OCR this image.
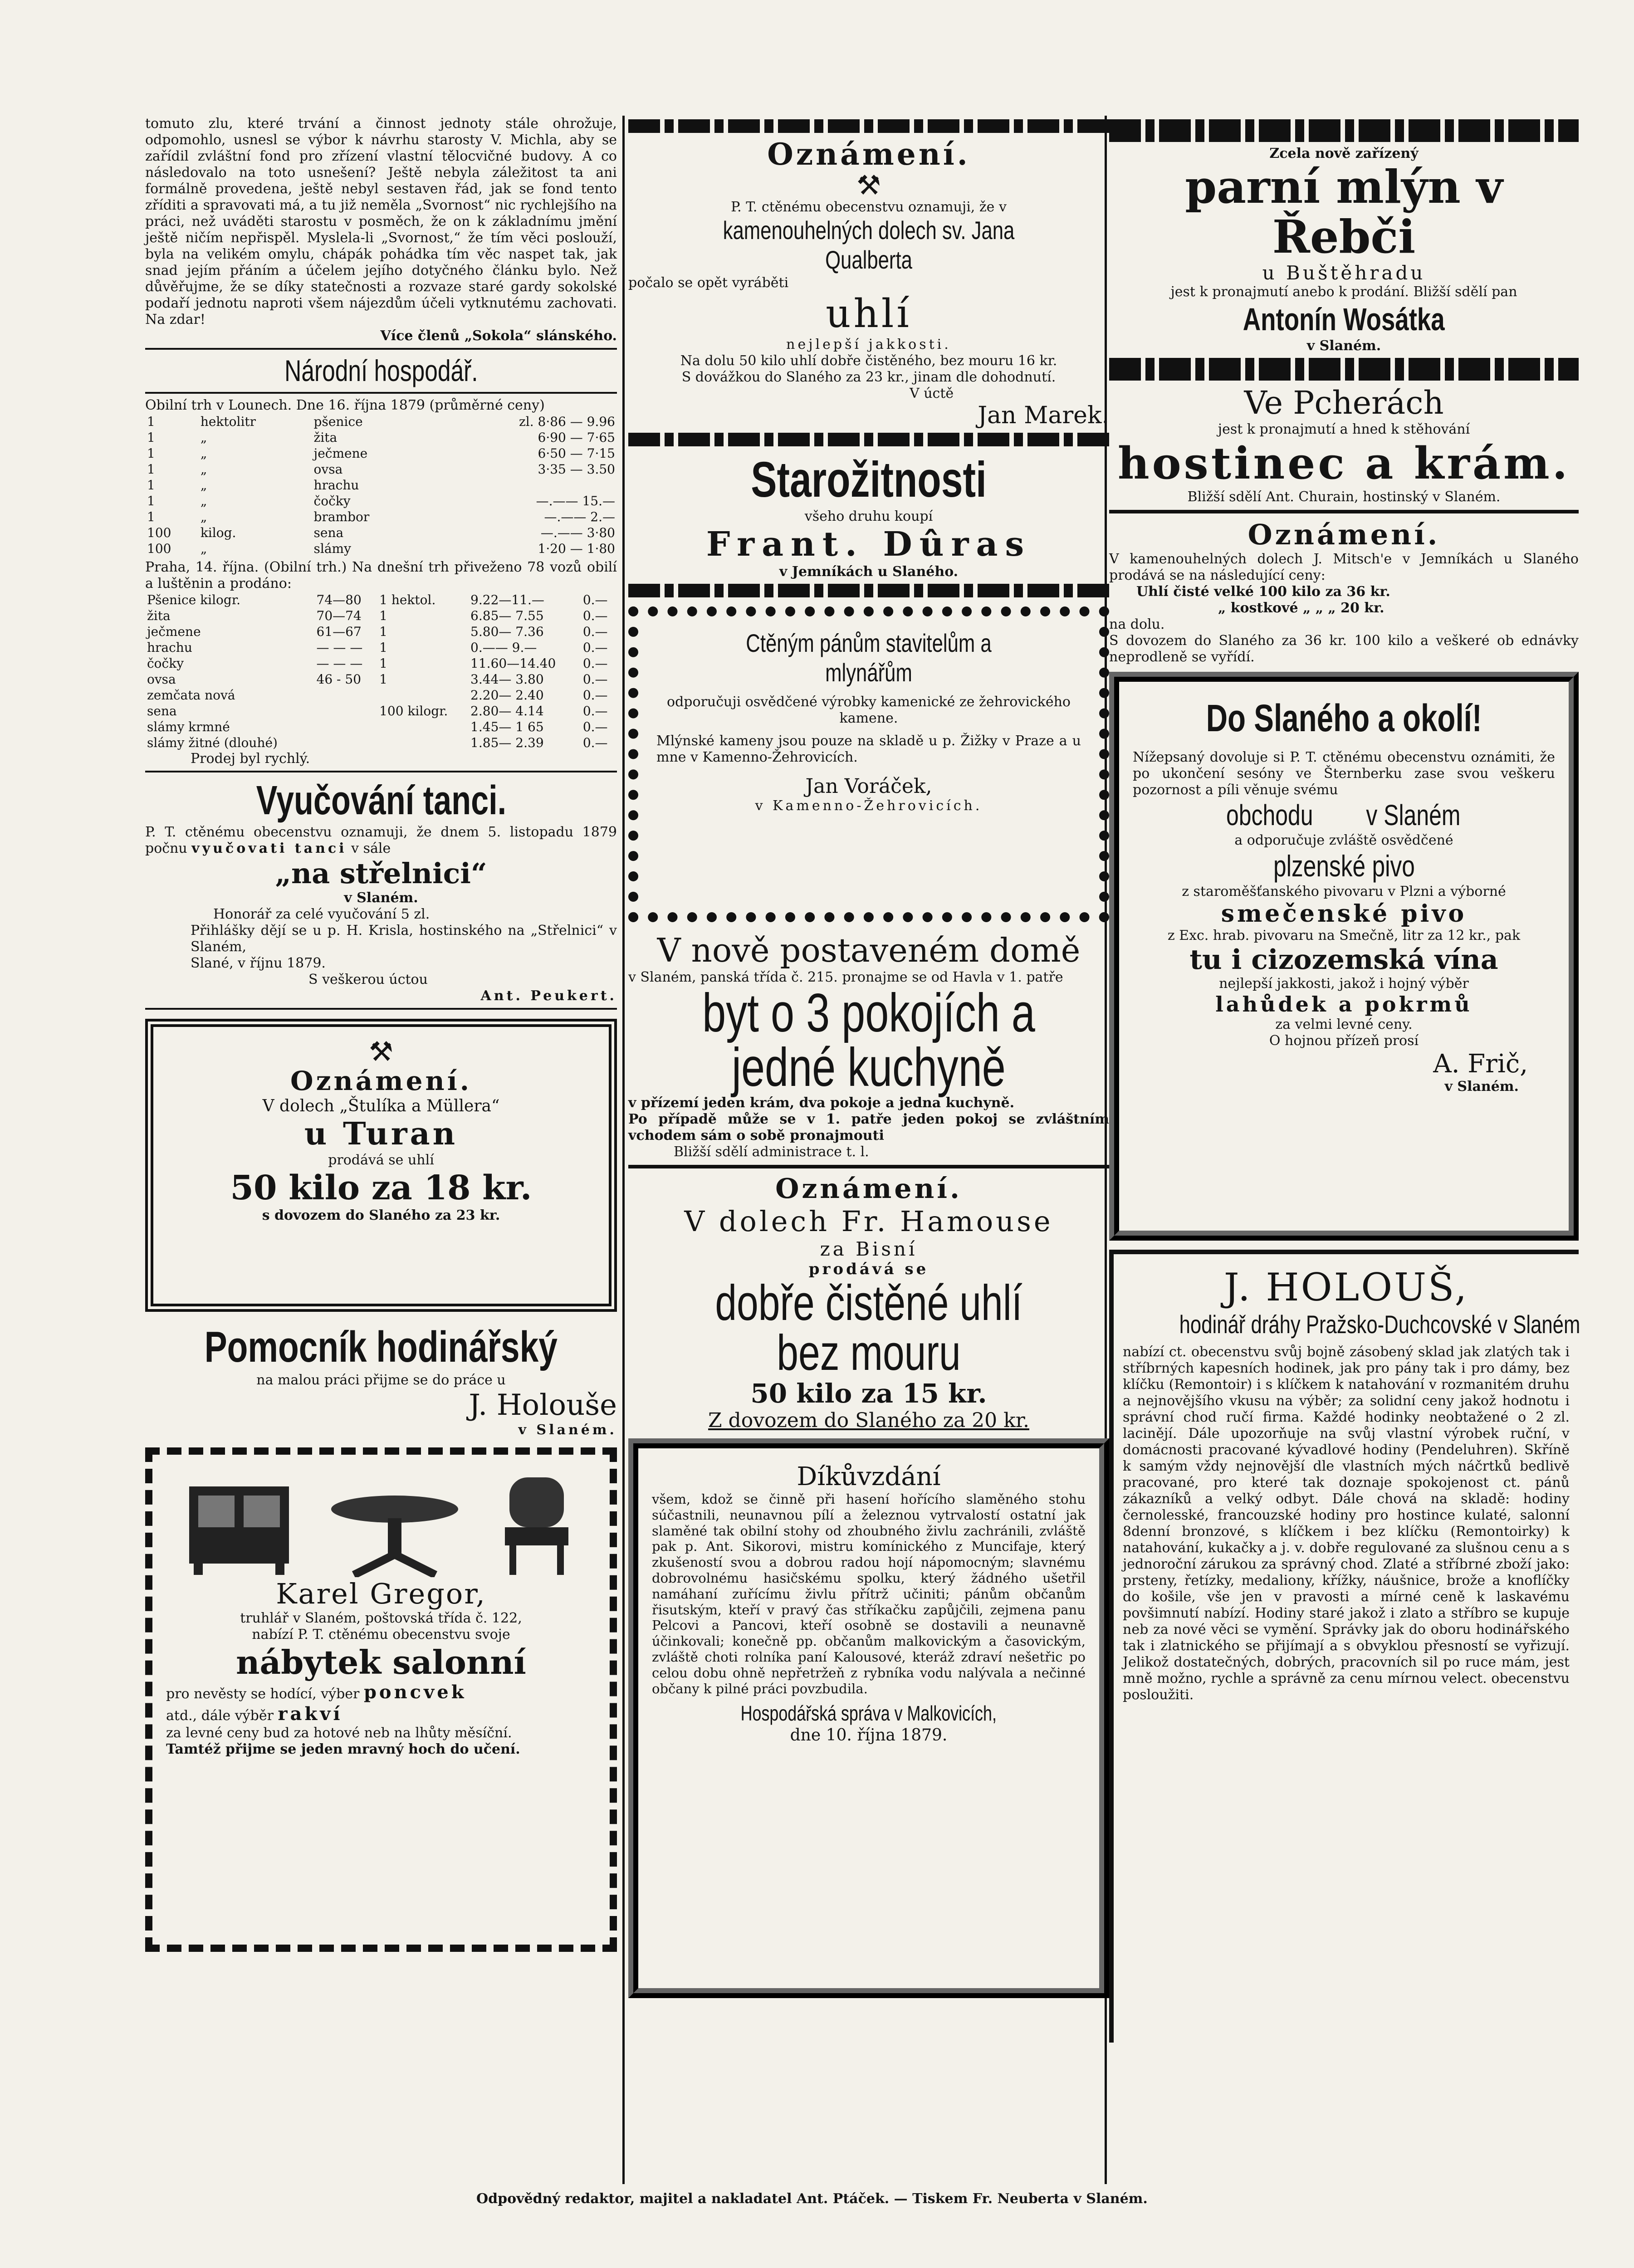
tomuto zlu, které trvání a činnost jednoty stále ohrožuje, odpomohlo, usnesl se výbor k návrhu starosty V. Michla, aby se zařídil zvláštní fond pro zřízení vlastní tělocvičné budovy. A co následovalo na toto usnešení? Ještě nebyla záležitost ta ani formálně provedena, ještě nebyl sestaven řád, jak se fond tento zříditi a spravovati má, a tu již neměla „Svornost“ nic rychlejšího na práci, než uváděti starostu v posměch, že on k základnímu jmění ještě ničím nepřispěl. Myslela-li „Svornost,“ že tím věci poslouží, byla na velikém omylu, chápák pohádka tím věc naspet tak, jak snad jejím přáním a účelem jejího dotyčného článku bylo. Než důvěřujme, že se díky statečnosti a rozvaze staré gardy sokolské podaří jednotu naproti všem nájezdům účeli vytknutému zachovati. Na zdar!

Více členů „Sokola“ slánského.

Národní hospodář.

Obilní trh v Lounech. Dne 16. října 1879 (průměrné ceny)

1	hektolitr	pšenice	zl. 8·86 — 9.96
1	„	žita	6·90 — 7·65
1	„	ječmene	6·50 — 7·15
1	„	ovsa	3·35 — 3.50
1	„	hrachu	
1	„	čočky	—.—— 15.—
1	„	brambor	—.—— 2.—
100	kilog.	sena	—.—— 3·80
100	„	slámy	1·20 — 1·80

Praha, 14. října. (Obilní trh.) Na dnešní trh přiveženo 78 vozů obilí a luštěnin a prodáno:

Pšenice kilogr.	74—80	1 hektol.	9.22—11.—	0.—
žita	70—74	1	6.85— 7.55	0.—
ječmene	61—67	1	5.80— 7.36	0.—
hrachu	— — —	1	0.—— 9.—	0.—
čočky	— — —	1	11.60—14.40	0.—
ovsa	46 - 50	1	3.44— 3.80	0.—
zemčata nová			2.20— 2.40	0.—
sena		100 kilogr.	2.80— 4.14	0.—
slámy krmné			1.45— 1 65	0.—
slámy žitné (dlouhé)			1.85— 2.39	0.—

Prodej byl rychlý.

Vyučování tanci.

P. T. ctěnému obecenstvu oznamuji, že dnem 5. listopadu 1879 počnu vyučovati tanci v sále

„na střelnici“

v Slaném.

Honorář za celé vyučování 5 zl.

Přihlášky dějí se u p. H. Krisla, hostinského na „Střelnici“ v Slaném,

Slané, v říjnu 1879.

S veškerou úctou

Ant. Peukert.

⚒
Oznámení.

V dolech „Štulíka a Müllera“

u Turan

prodává se uhlí

50 kilo za 18 kr.

s dovozem do Slaného za 23 kr.

Pomocník hodinářský

na malou práci přijme se do práce u

J. Holouše

v Slaném.

Karel Gregor,

truhlář v Slaném, poštovská třída č. 122,

nabízí P. T. ctěnému obecenstvu svoje

nábytek salonní

pro nevěsty se hodící, výber poncvek

atd., dále výběr rakví

za levné ceny bud za hotové neb na lhůty měsíční.

Tamtéž přijme se jeden mravný hoch do učení.

Oznámení.
⚒

P. T. ctěnému obecenstvu oznamuji, že v

kamenouhelných dolech sv. Jana Qualberta

počalo se opět vyráběti

uhlí

nejlepší jakkosti.

Na dolu 50 kilo uhlí dobře čistěného, bez mouru 16 kr.

S dovážkou do Slaného za 23 kr., jinam dle dohodnutí.

V úctě

Jan Marek.

Starožitnosti

všeho druhu koupí

Frant. Dûras

v Jemníkách u Slaného.

Ctěným pánům stavitelům a mlynářům

odporučuji osvědčené výrobky kamenické ze žehrovického kamene.

Mlýnské kameny jsou pouze na skladě u p. Žižky v Praze a u mne v Kamenno-Žehrovicích.

Jan Voráček,

v Kamenno-Žehrovicích.

V nově postaveném domě

v Slaném, panská třída č. 215. pronajme se od Havla v 1. patře

byt o 3 pokojích a jedné kuchyně

v přízemí jeden krám, dva pokoje a jedna kuchyně.

Po případě může se v 1. patře jeden pokoj se zvláštním vchodem sám o sobě pronajmouti

Bližší sdělí administrace t. l.

Oznámení.
V dolech Fr. Hamouse
za Bisní
prodává se
dobře čistěné uhlí bez mouru
50 kilo za 15 kr.
Z dovozem do Slaného za 20 kr.
Díkůvzdání

všem, kdož se činně při hasení hořícího slaměného stohu súčastnili, neunavnou pílí a železnou vytrvalostí ostatní jak slaměné tak obilní stohy od zhoubného živlu zachránili, zvláště pak p. Ant. Sikorovi, mistru komínického z Muncifaje, který zkušeností svou a dobrou radou hojí nápomocným; slavnému dobrovolnému hasičskému spolku, který žádného ušetřil namáhaní zuřícímu živlu přítrž učiniti; pánům občanům řisutským, kteří v pravý čas stříkačku zapůjčili, zejmena panu Pelcovi a Pancovi, kteří osobně se dostavili a neunavně účinkovali; konečně pp. občanům malkovickým a časovickým, zvláště choti rolníka paní Kalousové, kteráž zdraví nešetřic po celou dobu ohně nepřetržeň z rybníka vodu nalývala a nečinné občany k pilné práci povzbudila.

Hospodářská správa v Malkovicích,

dne 10. října 1879.

Zcela nově zařízený

parní mlýn v Řebči
u Buštěhradu

jest k pronajmutí anebo k prodání. Bližší sdělí pan

Antonín Wosátka

v Slaném.

Ve Pcherách

jest k pronajmutí a hned k stěhování

hostinec a krám.

Bližší sdělí Ant. Churain, hostinský v Slaném.

Oznámení.

V kamenouhelných dolech J. Mitsch'e v Jemníkách u Slaného prodává se na následující ceny:

Uhlí čisté velké 100 kilo za 36 kr.

„ kostkové „ „ „ 20 kr.

na dolu.

S dovozem do Slaného za 36 kr. 100 kilo a veškeré ob ednávky neprodleně se vyřídí.

Do Slaného a okolí!

Nížepsaný dovoluje si P. T. ctěnému obecenstvu oznámiti, že po ukončení sesóny ve Šternberku zase svou veškeru pozornost a píli věnuje svému

obchodu v Slaném

a odporučuje zvláště osvědčené

plzenské pivo

z staroměšťanského pivovaru v Plzni a výborné

smečenské pivo

z Exc. hrab. pivovaru na Smečně, litr za 12 kr., pak

tu i cizozemská vína

nejlepší jakkosti, jakož i hojný výběr

lahůdek a pokrmů

za velmi levné ceny.

O hojnou přízeň prosí

A. Frič,

v Slaném.

J. HOLOUŠ,
hodinář dráhy Pražsko-Duchcovské v Slaném

nabízí ct. obecenstvu svůj bojně zásobený sklad jak zlatých tak i stříbrných kapesních hodinek, jak pro pány tak i pro dámy, bez klíčku (Remontoir) i s klíčkem k natahování v rozmanitém druhu a nejnovějšího vkusu na výběr; za solidní ceny jakož hodnotu i správní chod ručí firma. Každé hodinky neobtažené o 2 zl. lacinějí. Dále upozorňuje na svůj vlastní výrobek ruční, v domácnosti pracované kývadlové hodiny (Pendeluhren). Skříně k samým vždy nejnovější dle vlastních mých náčrtků bedlivě pracované, pro které tak doznaje spokojenost ct. pánů zákazníků a velký odbyt. Dále chová na skladě: hodiny černolesské, francouzské hodiny pro hostince kulaté, salonní 8denní bronzové, s klíčkem i bez klíčku (Remontoirky) k natahování, kukačky a j. v. dobře regulované za slušnou cenu a s jednoroční zárukou za správný chod. Zlaté a stříbrné zboží jako: prsteny, řetízky, medaliony, křížky, náušnice, brože a knoflíčky do košile, vše jen v pravosti a mírné ceně k laskavému povšimnutí nabízí. Hodiny staré jakož i zlato a stříbro se kupuje neb za nové věci se vymění. Správky jak do oboru hodinářského tak i zlatnického se přijímají a s obvyklou přesností se vyřizují. Jelikož dostatečných, dobrých, pracovních sil po ruce mám, jest mně možno, rychle a správně za cenu mírnou velect. obecenstvu posloužiti.

Odpovědný redaktor, majitel a nakladatel Ant. Ptáček. — Tiskem Fr. Neuberta v Slaném.
